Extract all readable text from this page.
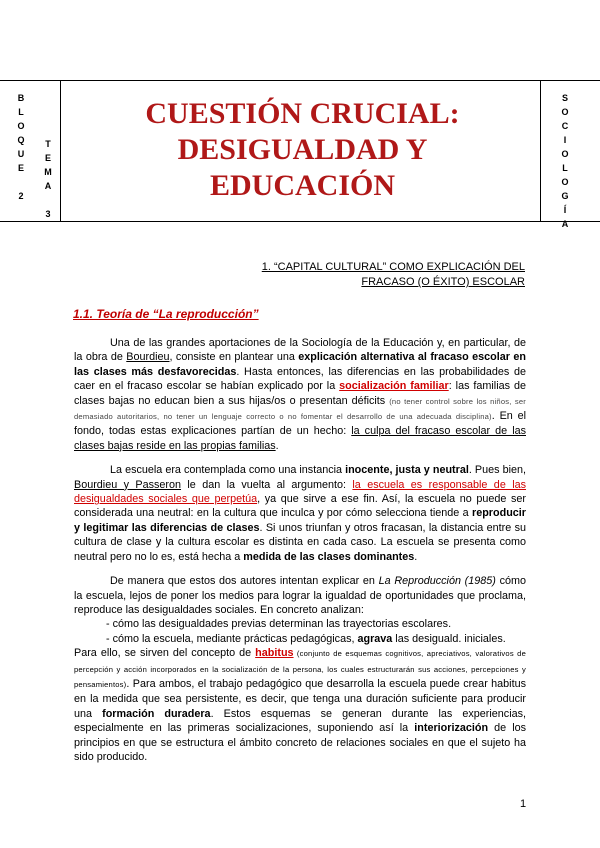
B
L
O
Q
U
E
2
T
E
M
A
3
S
O
C
I
O
L
O
G
Í
A
CUESTIÓN CRUCIAL:
DESIGUALDAD Y
EDUCACIÓN
1. “CAPITAL CULTURAL” COMO EXPLICACIÓN DEL
FRACASO (O ÉXITO) ESCOLAR
1.1. Teoría de “La reproducción”

Una de las grandes aportaciones de la Sociología de la Educación y, en particular, de la obra de Bourdieu, consiste en plantear una explicación alternativa al fracaso escolar en las clases más desfavorecidas. Hasta entonces, las diferencias en las probabilidades de caer en el fracaso escolar se habían explicado por la socialización familiar: las familias de clases bajas no educan bien a sus hijas/os o presentan déficits (no tener control sobre los niños, ser demasiado autoritarios, no tener un lenguaje correcto o no fomentar el desarrollo de una adecuada disciplina). En el fondo, todas estas explicaciones partían de un hecho: la culpa del fracaso escolar de las clases bajas reside en las propias familias.

La escuela era contemplada como una instancia inocente, justa y neutral. Pues bien, Bourdieu y Passeron le dan la vuelta al argumento: la escuela es responsable de las desigualdades sociales que perpetúa, ya que sirve a ese fin. Así, la escuela no puede ser considerada una neutral: en la cultura que inculca y por cómo selecciona tiende a reproducir y legitimar las diferencias de clases. Si unos triunfan y otros fracasan, la distancia entre su cultura de clase y la cultura escolar es distinta en cada caso. La escuela se presenta como neutral pero no lo es, está hecha a medida de las clases dominantes.

De manera que estos dos autores intentan explicar en La Reproducción (1985) cómo la escuela, lejos de poner los medios para lograr la igualdad de oportunidades que proclama, reproduce las desigualdades sociales. En concreto analizan:
- cómo las desigualdades previas determinan las trayectorias escolares.
- cómo la escuela, mediante prácticas pedagógicas, agrava las desiguald. iniciales.
Para ello, se sirven del concepto de habitus (conjunto de esquemas cognitivos, apreciativos, valorativos de percepción y acción incorporados en la socialización de la persona, los cuales estructurarán sus acciones, percepciones y pensamientos). Para ambos, el trabajo pedagógico que desarrolla la escuela puede crear habitus en la medida que sea persistente, es decir, que tenga una duración suficiente para producir una formación duradera. Estos esquemas se generan durante las experiencias, especialmente en las primeras socializaciones, suponiendo así la interiorización de los principios en que se estructura el ámbito concreto de relaciones sociales en que el sujeto ha sido producido.

1
